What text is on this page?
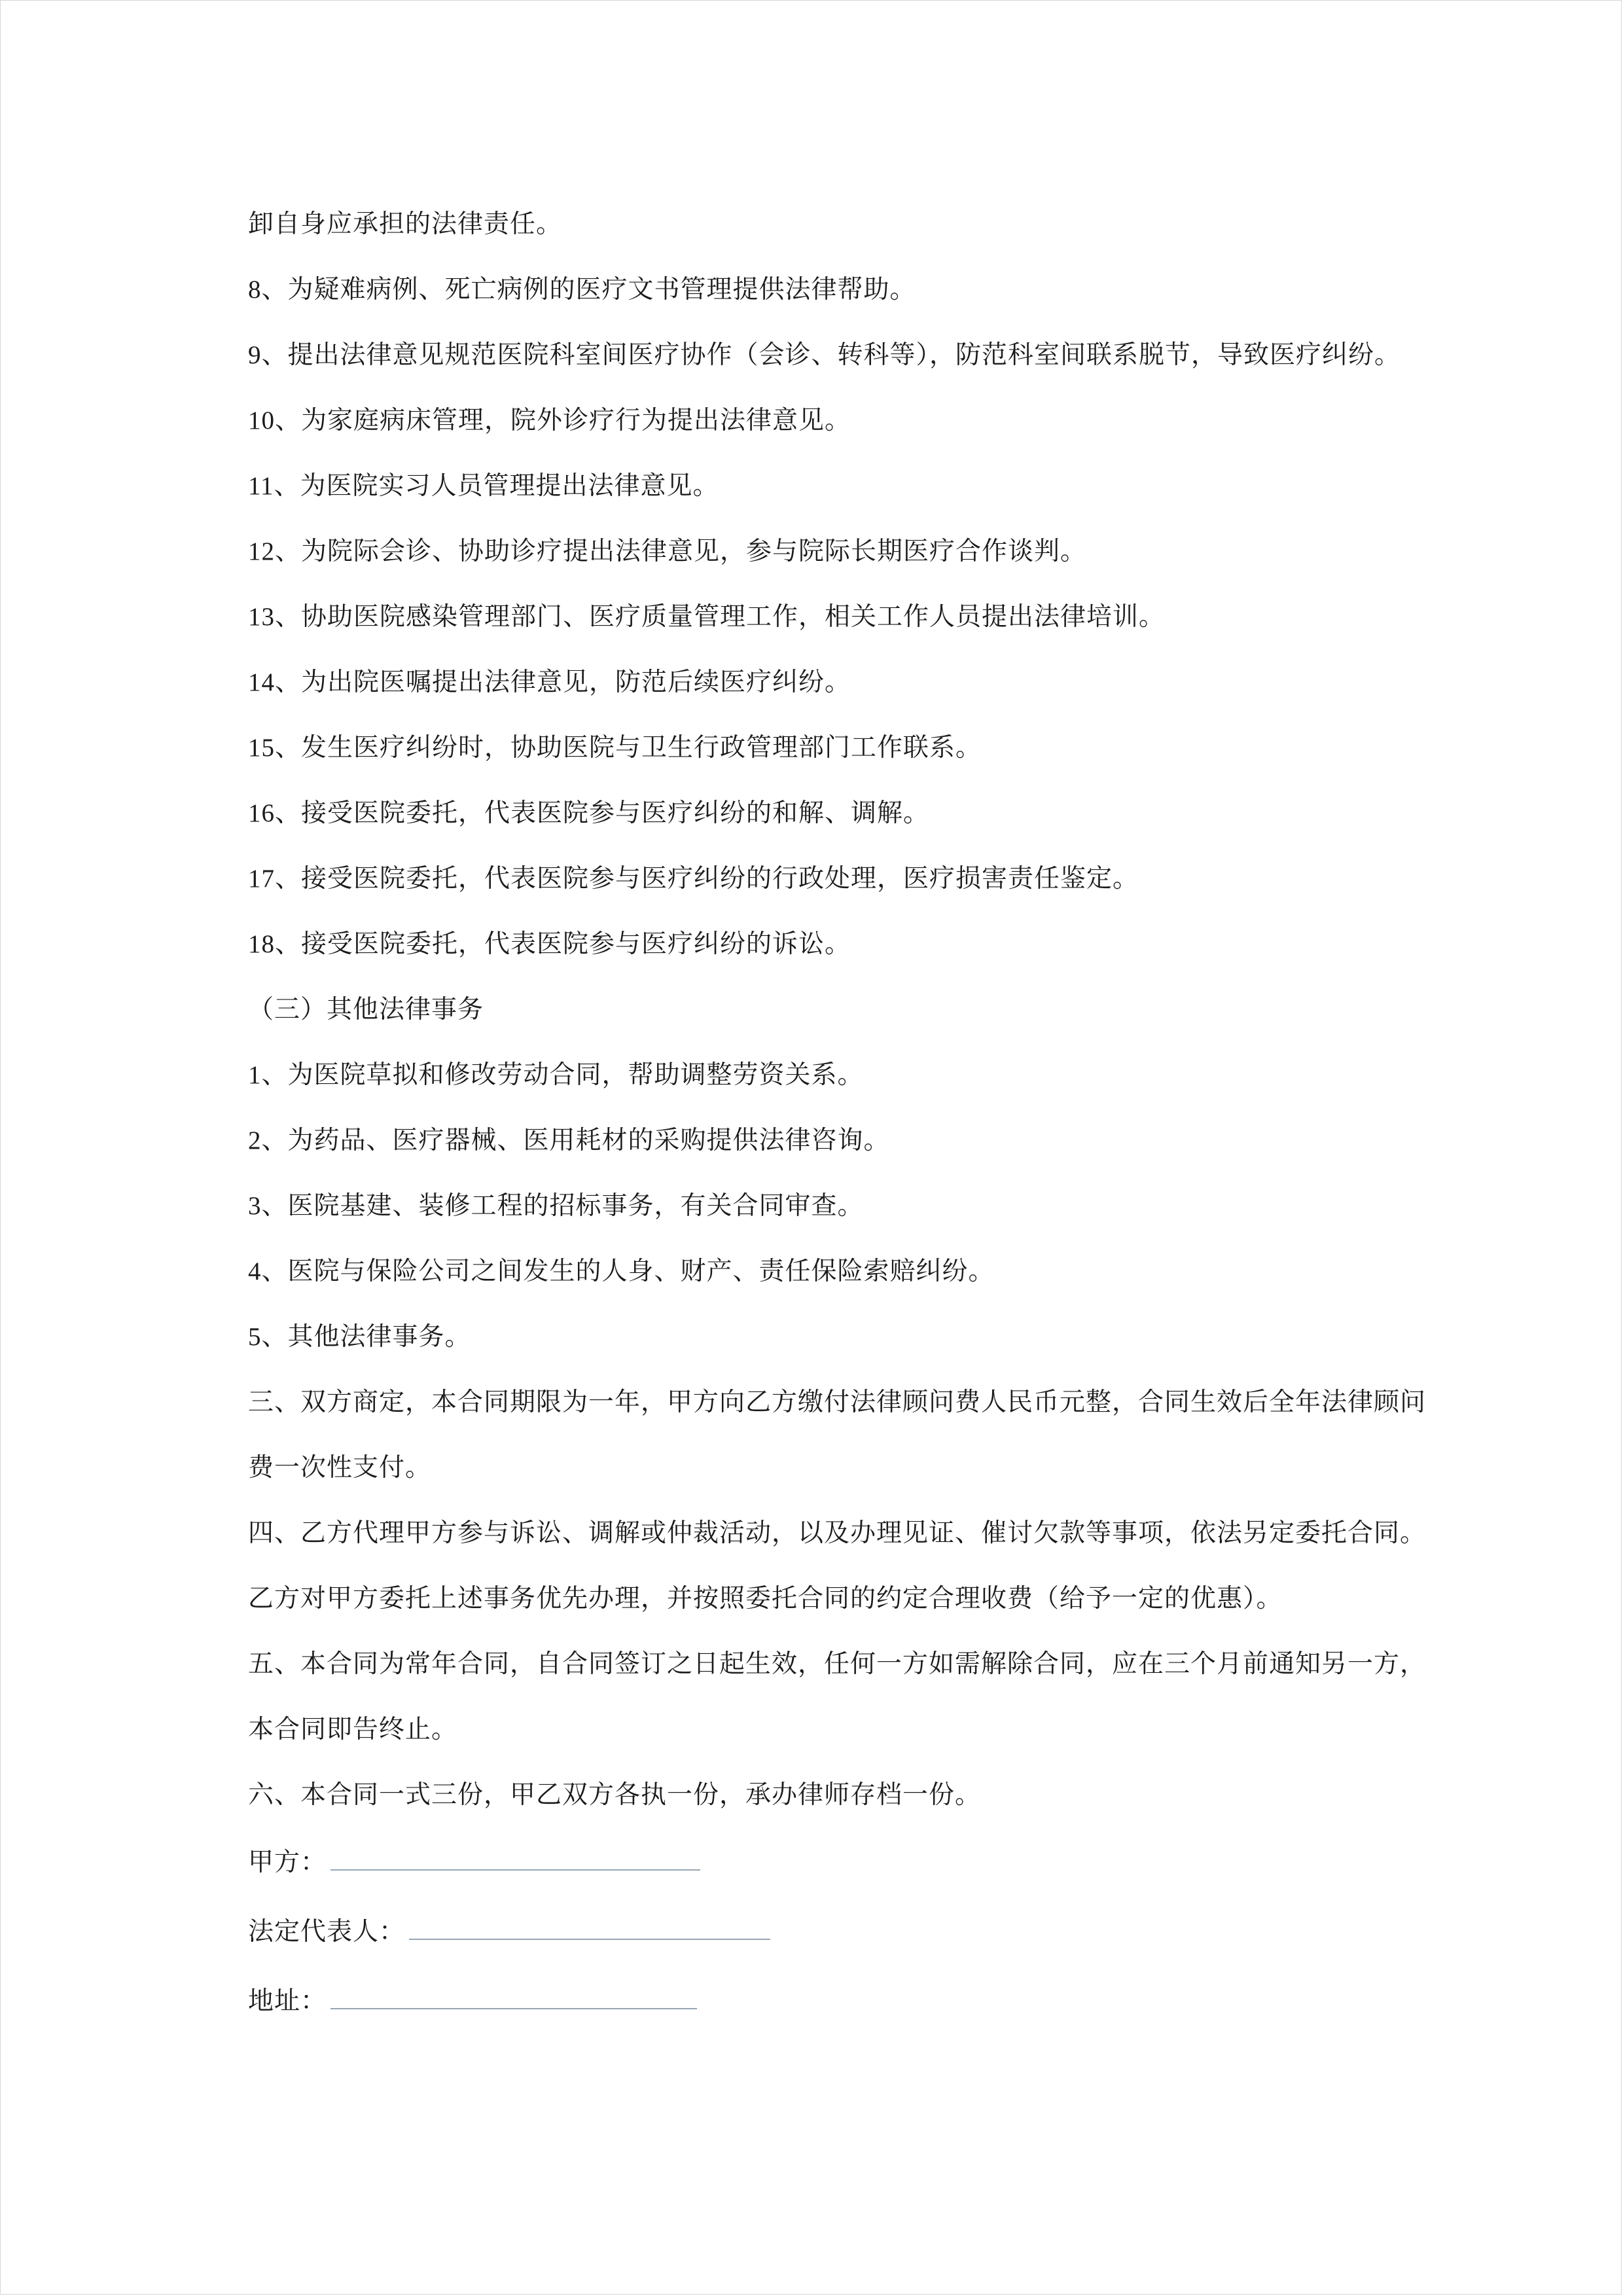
卸自身应承担的法律责任。

8、为疑难病例、死亡病例的医疗文书管理提供法律帮助。

9、提出法律意见规范医院科室间医疗协作（会诊、转科等），防范科室间联系脱节，导致医疗纠纷。

10、为家庭病床管理，院外诊疗行为提出法律意见。

11、为医院实习人员管理提出法律意见。

12、为院际会诊、协助诊疗提出法律意见，参与院际长期医疗合作谈判。

13、协助医院感染管理部门、医疗质量管理工作，相关工作人员提出法律培训。

14、为出院医嘱提出法律意见，防范后续医疗纠纷。

15、发生医疗纠纷时，协助医院与卫生行政管理部门工作联系。

16、接受医院委托，代表医院参与医疗纠纷的和解、调解。

17、接受医院委托，代表医院参与医疗纠纷的行政处理，医疗损害责任鉴定。

18、接受医院委托，代表医院参与医疗纠纷的诉讼。

（三）其他法律事务

1、为医院草拟和修改劳动合同，帮助调整劳资关系。

2、为药品、医疗器械、医用耗材的采购提供法律咨询。

3、医院基建、装修工程的招标事务，有关合同审查。

4、医院与保险公司之间发生的人身、财产、责任保险索赔纠纷。

5、其他法律事务。

三、双方商定，本合同期限为一年，甲方向乙方缴付法律顾问费人民币元整，合同生效后全年法律顾问费一次性支付。

四、乙方代理甲方参与诉讼、调解或仲裁活动，以及办理见证、催讨欠款等事项，依法另定委托合同。乙方对甲方委托上述事务优先办理，并按照委托合同的约定合理收费（给予一定的优惠）。

五、本合同为常年合同，自合同签订之日起生效，任何一方如需解除合同，应在三个月前通知另一方，本合同即告终止。

六、本合同一式三份，甲乙双方各执一份，承办律师存档一份。

甲方：

法定代表人：

地址：
